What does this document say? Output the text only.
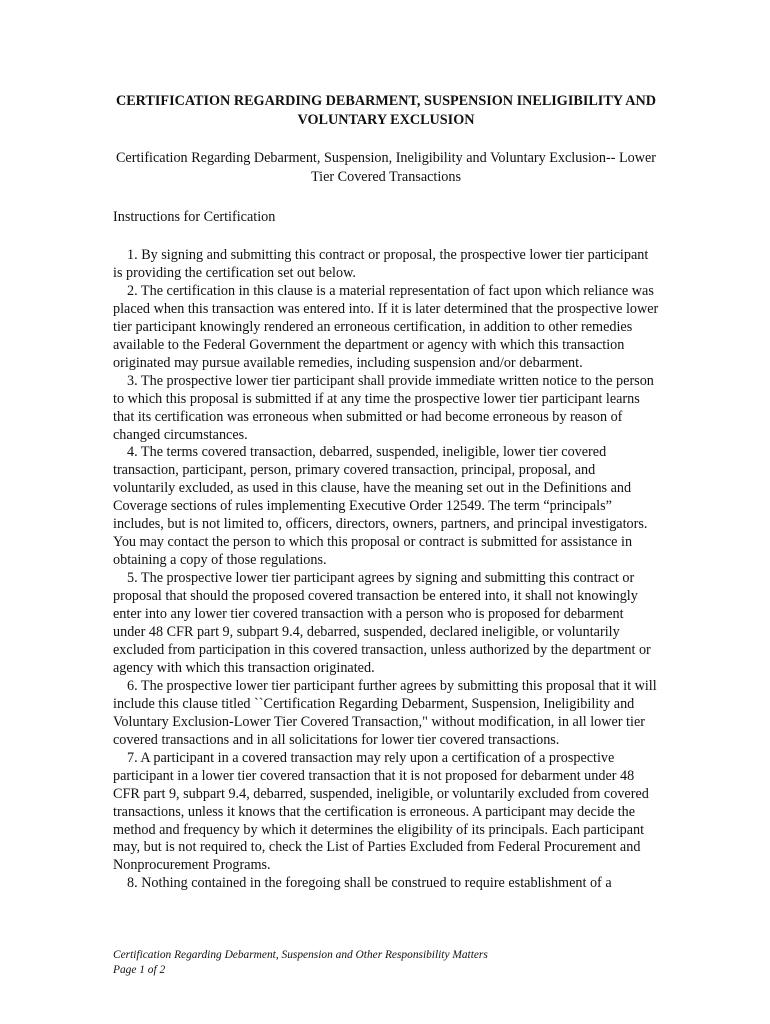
CERTIFICATION REGARDING DEBARMENT, SUSPENSION INELIGIBILITY AND VOLUNTARY EXCLUSION

Certification Regarding Debarment, Suspension, Ineligibility and Voluntary Exclusion-- Lower Tier Covered Transactions

Instructions for Certification

1. By signing and submitting this contract or proposal, the prospective lower tier participant is providing the certification set out below.

2. The certification in this clause is a material representation of fact upon which reliance was placed when this transaction was entered into. If it is later determined that the prospective lower tier participant knowingly rendered an erroneous certification, in addition to other remedies available to the Federal Government the department or agency with which this transaction originated may pursue available remedies, including suspension and/or debarment.

3. The prospective lower tier participant shall provide immediate written notice to the person to which this proposal is submitted if at any time the prospective lower tier participant learns that its certification was erroneous when submitted or had become erroneous by reason of changed circumstances.

4. The terms covered transaction, debarred, suspended, ineligible, lower tier covered transaction, participant, person, primary covered transaction, principal, proposal, and voluntarily excluded, as used in this clause, have the meaning set out in the Definitions and Coverage sections of rules implementing Executive Order 12549. The term “principals” includes, but is not limited to, officers, directors, owners, partners, and principal investigators. You may contact the person to which this proposal or contract is submitted for assistance in obtaining a copy of those regulations.

5. The prospective lower tier participant agrees by signing and submitting this contract or proposal that should the proposed covered transaction be entered into, it shall not knowingly enter into any lower tier covered transaction with a person who is proposed for debarment under 48 CFR part 9, subpart 9.4, debarred, suspended, declared ineligible, or voluntarily excluded from participation in this covered transaction, unless authorized by the department or agency with which this transaction originated.

6. The prospective lower tier participant further agrees by submitting this proposal that it will include this clause titled ``Certification Regarding Debarment, Suspension, Ineligibility and Voluntary Exclusion-Lower Tier Covered Transaction," without modification, in all lower tier covered transactions and in all solicitations for lower tier covered transactions.

7. A participant in a covered transaction may rely upon a certification of a prospective participant in a lower tier covered transaction that it is not proposed for debarment under 48 CFR part 9, subpart 9.4, debarred, suspended, ineligible, or voluntarily excluded from covered transactions, unless it knows that the certification is erroneous. A participant may decide the method and frequency by which it determines the eligibility of its principals. Each participant may, but is not required to, check the List of Parties Excluded from Federal Procurement and Nonprocurement Programs.

8. Nothing contained in the foregoing shall be construed to require establishment of a

Certification Regarding Debarment, Suspension and Other Responsibility Matters
Page 1 of 2
